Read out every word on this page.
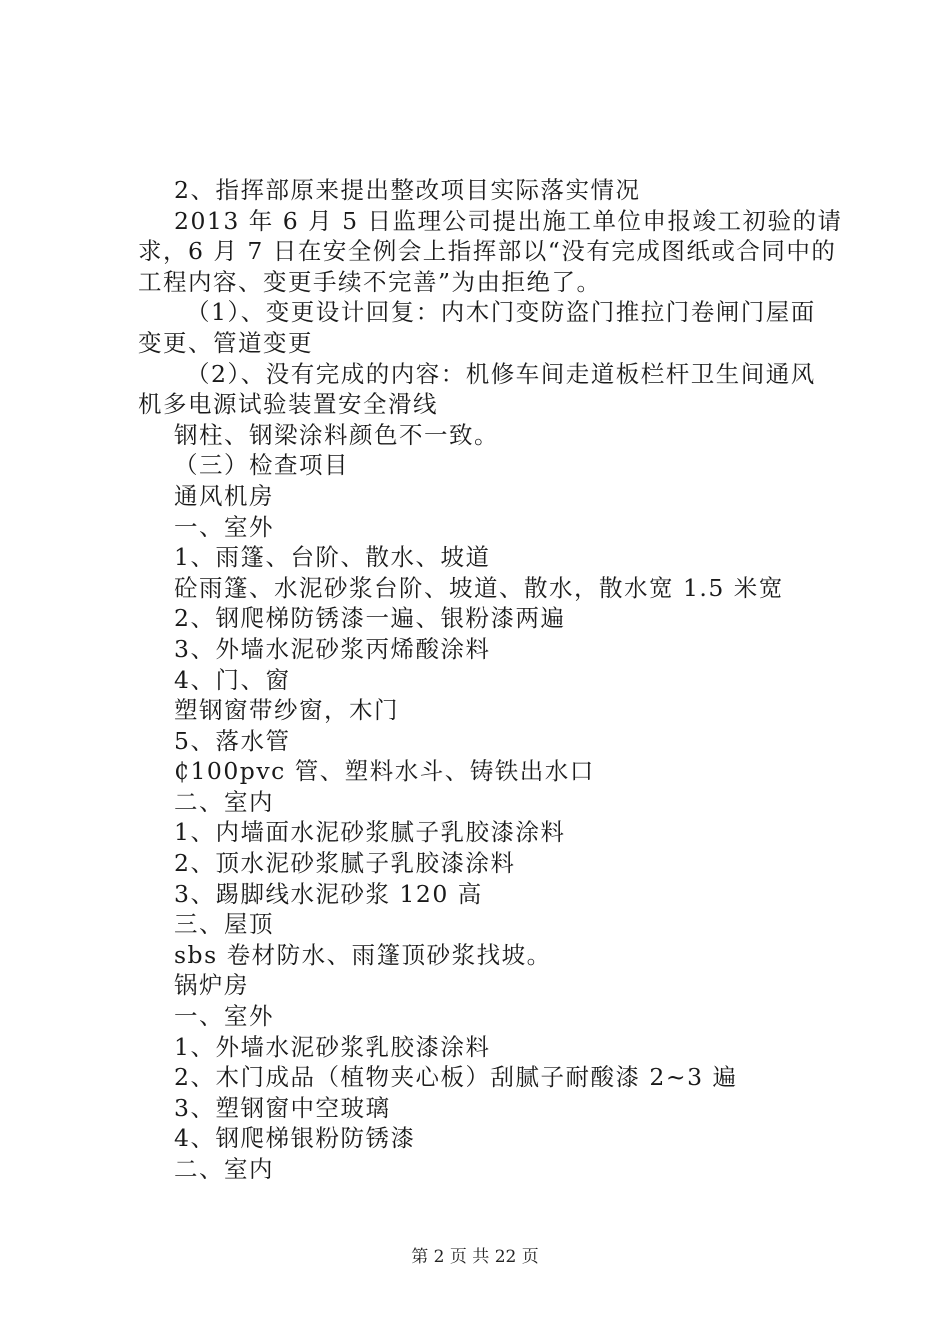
2、指挥部原来提出整改项目实际落实情况
2013 年 6 月 5 日监理公司提出施工单位申报竣工初验的请
求，6 月 7 日在安全例会上指挥部以“没有完成图纸或合同中的
工程内容、变更手续不完善”为由拒绝了。
（1）、变更设计回复：内木门变防盗门推拉门卷闸门屋面
变更、管道变更
（2）、没有完成的内容：机修车间走道板栏杆卫生间通风
机多电源试验装置安全滑线
钢柱、钢梁涂料颜色不一致。
（三）检查项目
通风机房
一、室外
1、雨篷、台阶、散水、坡道
砼雨篷、水泥砂浆台阶、坡道、散水，散水宽 1.5 米宽
2、钢爬梯防锈漆一遍、银粉漆两遍
3、外墙水泥砂浆丙烯酸涂料
4、门、窗
塑钢窗带纱窗，木门
5、落水管
₵100pvc 管、塑料水斗、铸铁出水口
二、室内
1、内墙面水泥砂浆腻子乳胶漆涂料
2、顶水泥砂浆腻子乳胶漆涂料
3、踢脚线水泥砂浆 120 高
三、屋顶
sbs 卷材防水、雨篷顶砂浆找坡。
锅炉房
一、室外
1、外墙水泥砂浆乳胶漆涂料
2、木门成品（植物夹心板）刮腻子耐酸漆 2~3 遍
3、塑钢窗中空玻璃
4、钢爬梯银粉防锈漆
二、室内
第 2 页 共 22 页
